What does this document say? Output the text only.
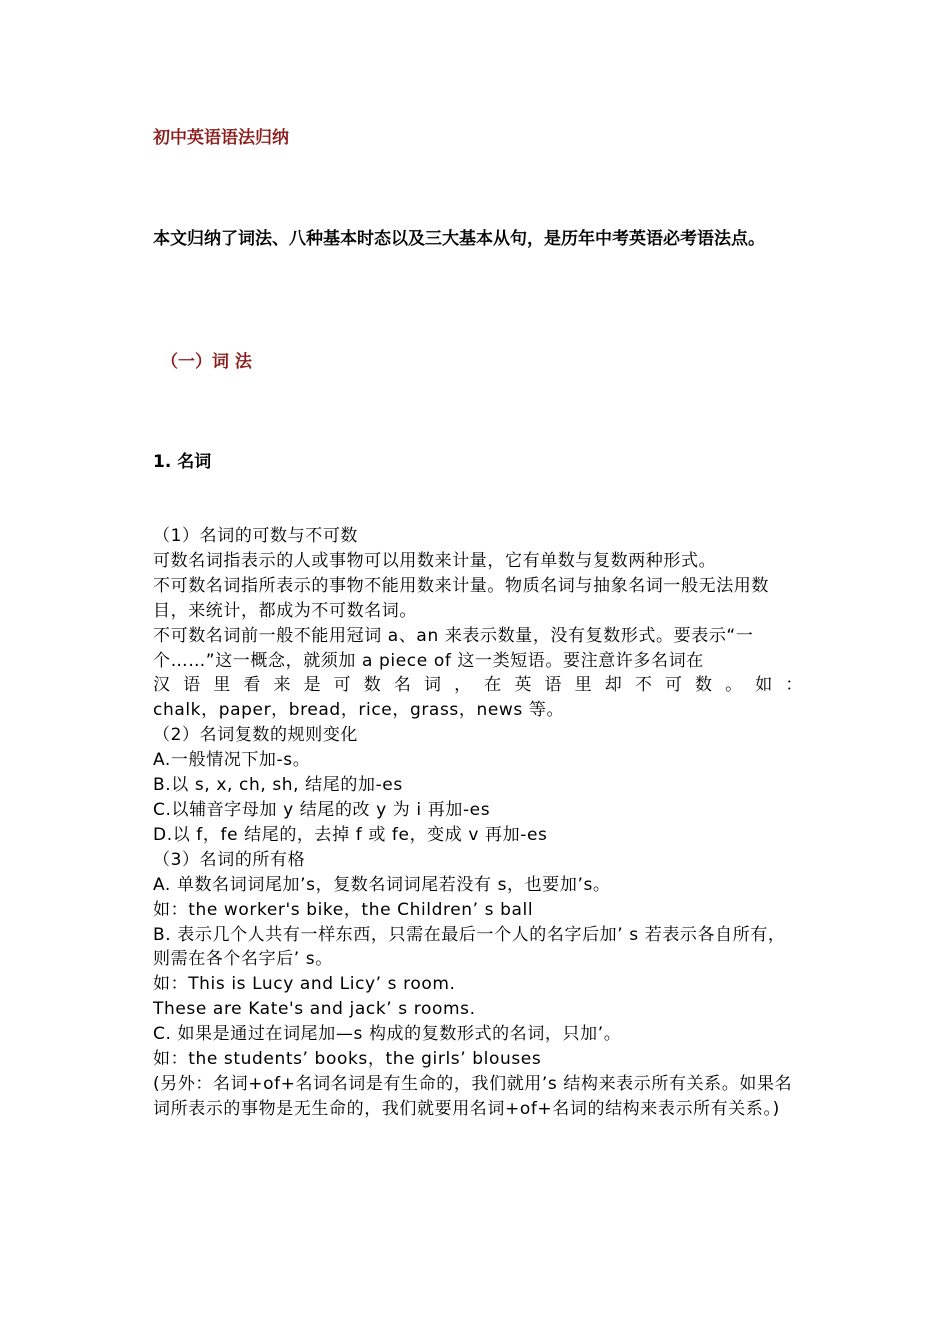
初中英语语法归纳

本文归纳了词法、八种基本时态以及三大基本从句，是历年中考英语必考语法点。

（一）词 法
1. 名词

（1）名词的可数与不可数

可数名词指表示的人或事物可以用数来计量，它有单数与复数两种形式。

不可数名词指所表示的事物不能用数来计量。物质名词与抽象名词一般无法用数目，来统计，都成为不可数名词。

不可数名词前一般不能用冠词 a、an 来表示数量，没有复数形式。要表示“一个……”这一概念，就须加 a piece of 这一类短语。要注意许多名词在

汉语里看来是可数名词，在英语里却不可数。如：

chalk，paper，bread，rice，grass，news 等。

（2）名词复数的规则变化

A.一般情况下加-s。

B.以 s, x, ch, sh, 结尾的加-es

C.以辅音字母加 y 结尾的改 y 为 i 再加-es

D.以 f，fe 结尾的，去掉 f 或 fe，变成 v 再加-es

（3）名词的所有格

A. 单数名词词尾加’s，复数名词词尾若没有 s，也要加’s。

如：the worker's bike，the Children’ s ball

B. 表示几个人共有一样东西，只需在最后一个人的名字后加’ s 若表示各自所有，则需在各个名字后’ s。

如：This is Lucy and Licy’ s room.

These are Kate's and jack’ s rooms.

C. 如果是通过在词尾加—s 构成的复数形式的名词，只加’。

如：the students’ books，the girls’ blouses

(另外：名词+of+名词名词是有生命的，我们就用’s 结构来表示所有关系。如果名词所表示的事物是无生命的，我们就要用名词+of+名词的结构来表示所有关系。)
